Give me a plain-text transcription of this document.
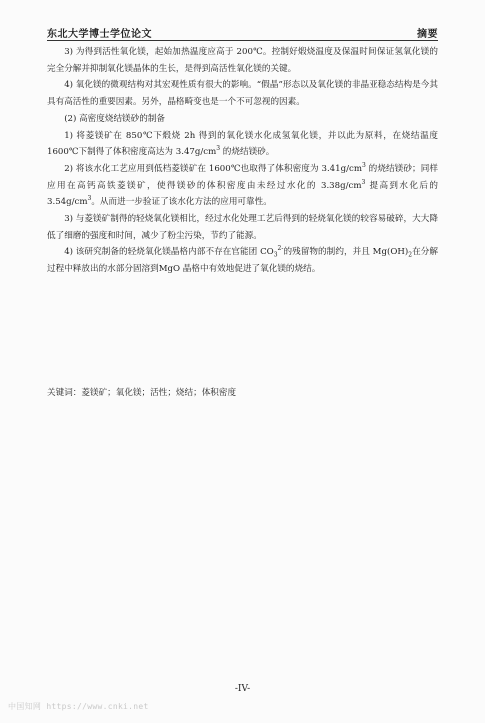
东北大学博士学位论文	摘要

3) 为得到活性氧化镁，起始加热温度应高于 200℃。控制好煅烧温度及保温时间保证氢氧化镁的完全分解并抑制氧化镁晶体的生长，是得到高活性氧化镁的关键。

4) 氧化镁的微观结构对其宏观性质有很大的影响。“假晶”形态以及氧化镁的非晶亚稳态结构是今其具有高活性的重要因素。另外，晶格畸变也是一个不可忽视的因素。

(2) 高密度烧结镁砂的制备

1) 将菱镁矿在 850℃下煅烧 2h 得到的氧化镁水化成氢氧化镁，并以此为原料，在烧结温度 1600℃下制得了体积密度高达为 $3.47g/cm^3$ 的烧结镁砂。

2) 将该水化工艺应用到低档菱镁矿在 1600℃也取得了体积密度为 $3.41g/cm^3$ 的烧结镁砂；同样应用在高钙高铁菱镁矿，使得镁砂的体积密度由未经过水化的 $3.38g/cm^3$ 提高到水化后的 $3.54g/cm^3$。从而进一步验证了该水化方法的应用可靠性。

3) 与菱镁矿制得的轻烧氧化镁相比，经过水化处理工艺后得到的轻烧氧化镁的较容易破碎，大大降低了细磨的强度和时间，减少了粉尘污染，节约了能源。

4) 该研究制备的轻烧氧化镁晶格内部不存在官能团 $CO_3^{2-}$的残留物的制约，并且 $Mg(OH)_2$在分解过程中释放出的水部分固溶到MgO 晶格中有效地促进了氧化镁的烧结。

关键词：菱镁矿；氧化镁；活性；烧结；体积密度
-IV-
中国知网 https://www.cnki.net
